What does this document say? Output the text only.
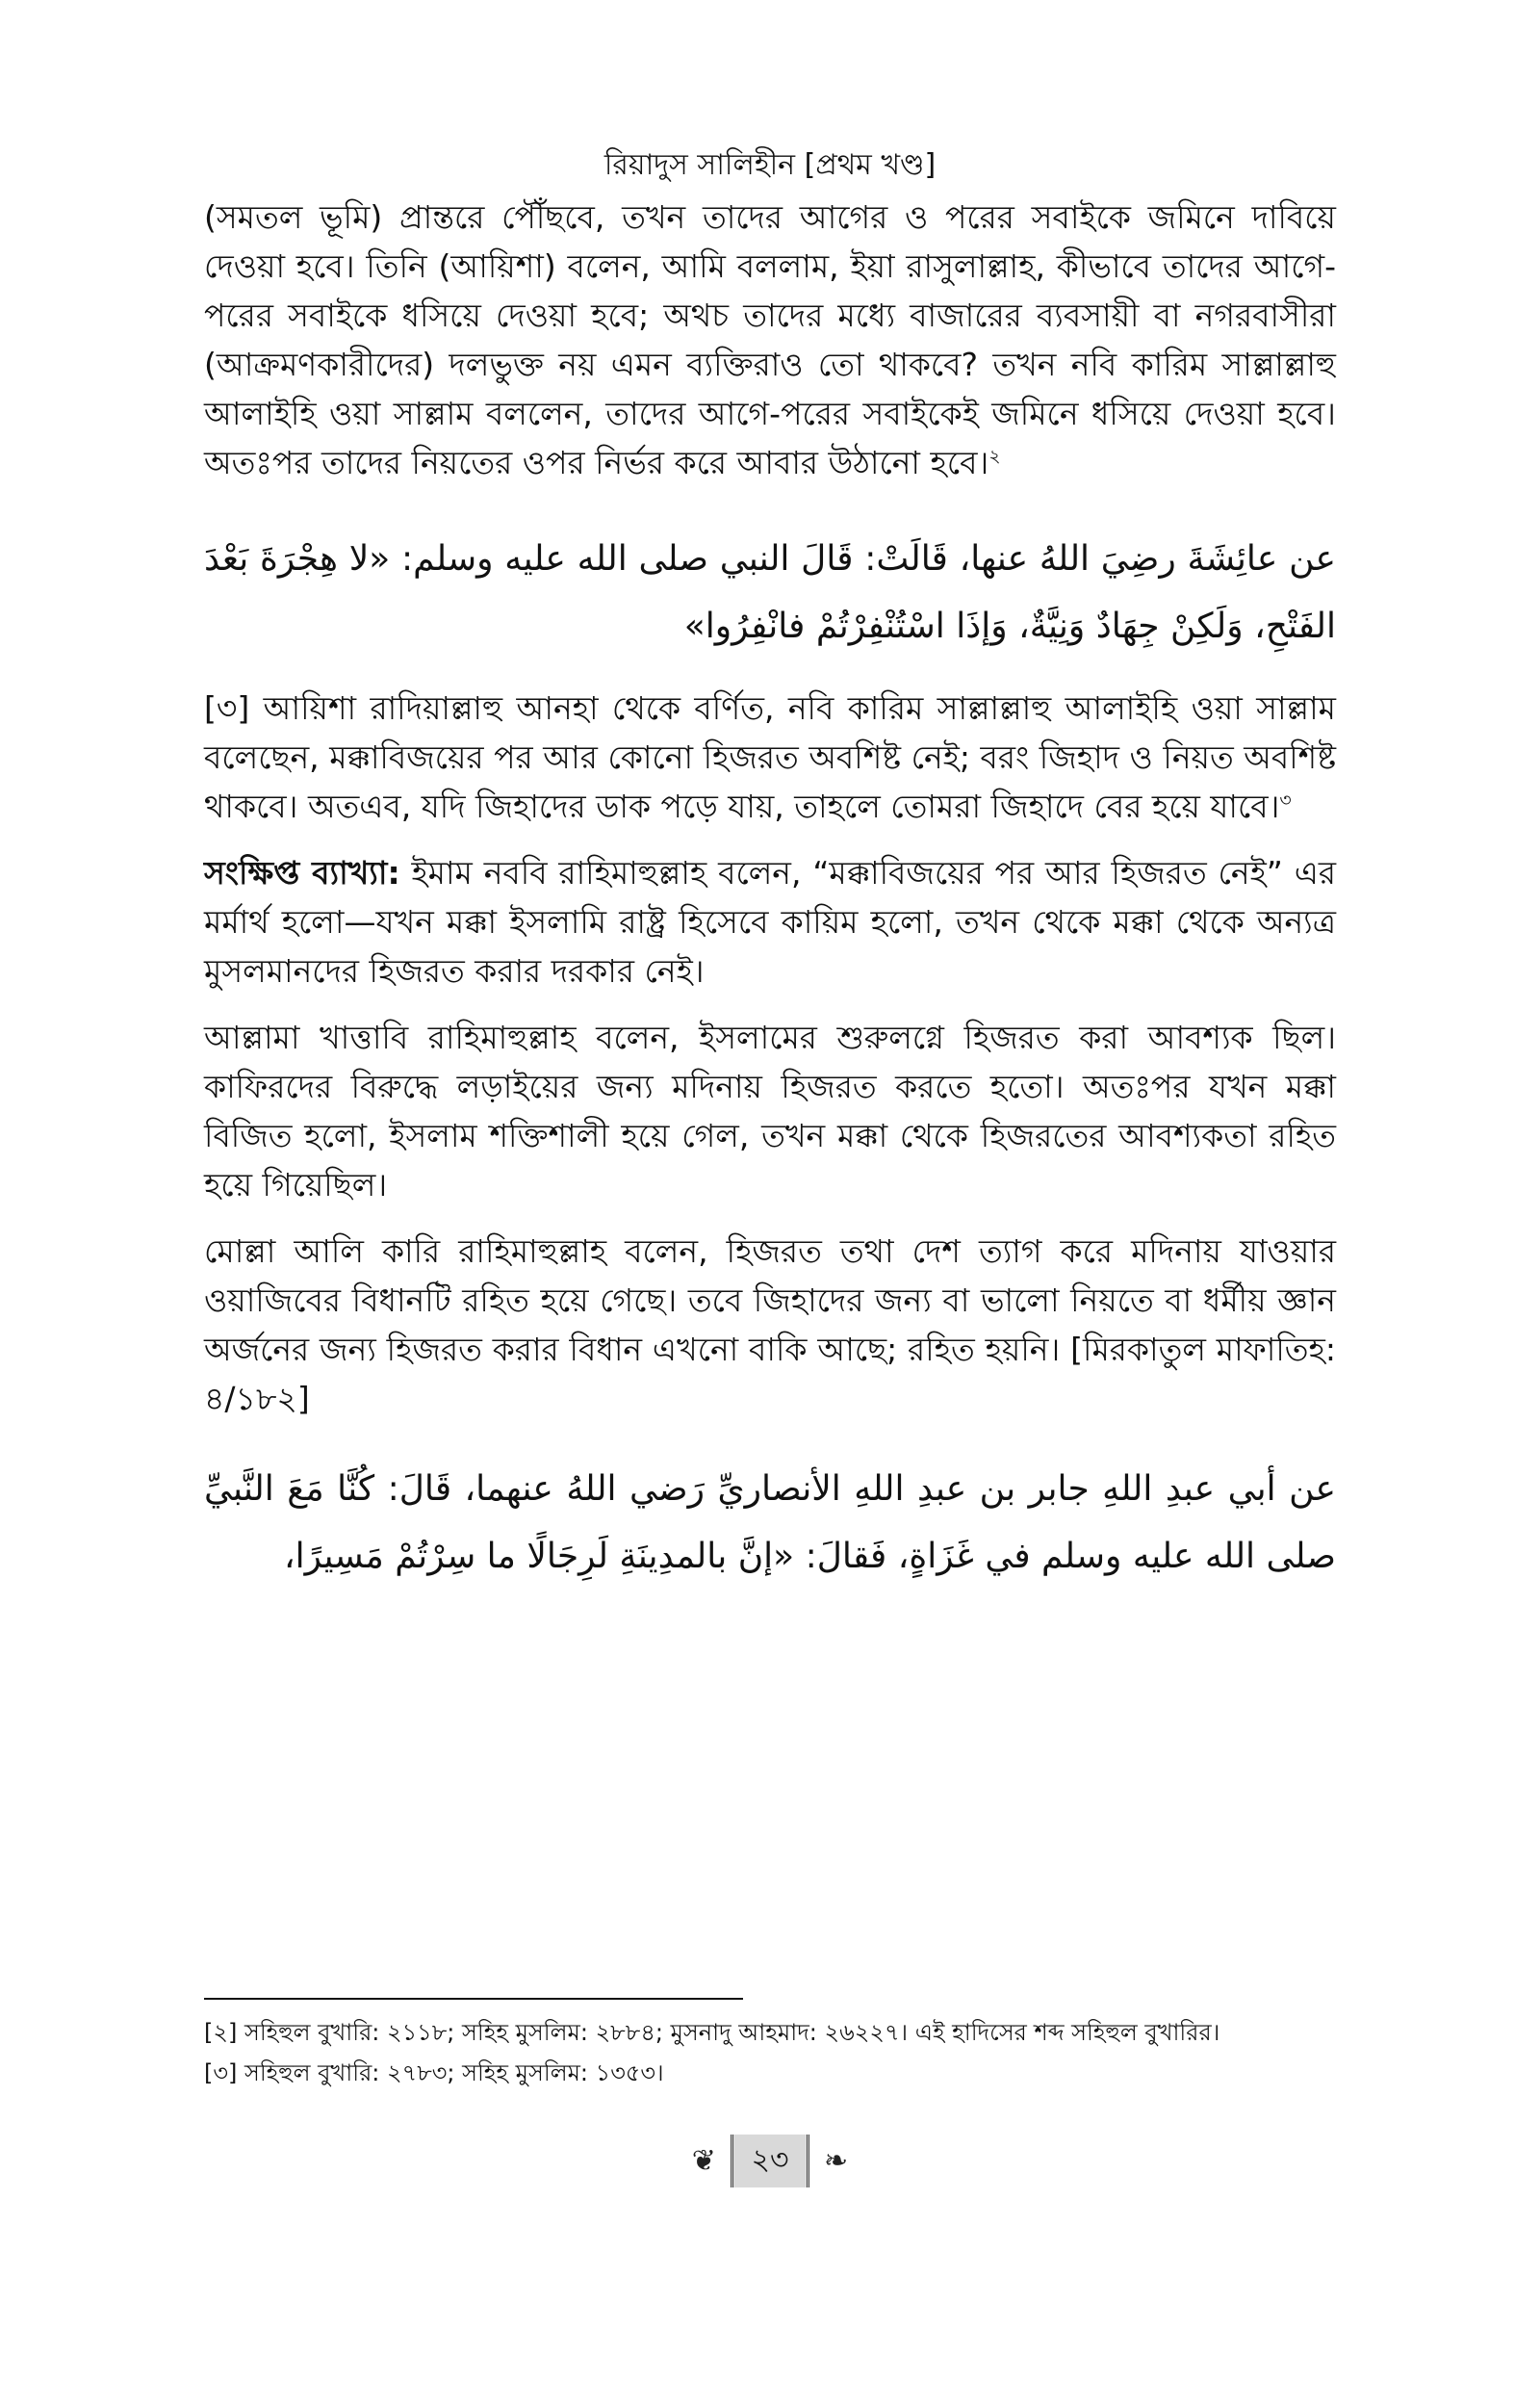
রিয়াদুস সালিহীন [প্রথম খণ্ড]

(সমতল ভূমি) প্রান্তরে পৌঁছবে, তখন তাদের আগের ও পরের সবাইকে জমিনে দাবিয়ে দেওয়া হবে। তিনি (আয়িশা) বলেন, আমি বললাম, ইয়া রাসুলাল্লাহ, কীভাবে তাদের আগে-পরের সবাইকে ধসিয়ে দেওয়া হবে; অথচ তাদের মধ্যে বাজারের ব্যবসায়ী বা নগরবাসীরা (আক্রমণকারীদের) দলভুক্ত নয় এমন ব্যক্তিরাও তো থাকবে? তখন নবি কারিম সাল্লাল্লাহু আলাইহি ওয়া সাল্লাম বললেন, তাদের আগে-পরের সবাইকেই জমিনে ধসিয়ে দেওয়া হবে। অতঃপর তাদের নিয়তের ওপর নির্ভর করে আবার উঠানো হবে।$^২$

عن عائِشَةَ رضِيَ اللهُ عنها، قَالَتْ: قَالَ النبي صلى الله عليه وسلم: «لا هِجْرَةَ بَعْدَ الفَتْحِ، وَلَكِنْ جِهَادٌ وَنِيَّةٌ، وَإذَا اسْتُنْفِرْتُمْ فانْفِرُوا»

[৩] আয়িশা রাদিয়াল্লাহু আনহা থেকে বর্ণিত, নবি কারিম সাল্লাল্লাহু আলাইহি ওয়া সাল্লাম বলেছেন, মক্কাবিজয়ের পর আর কোনো হিজরত অবশিষ্ট নেই; বরং জিহাদ ও নিয়ত অবশিষ্ট থাকবে। অতএব, যদি জিহাদের ডাক পড়ে যায়, তাহলে তোমরা জিহাদে বের হয়ে যাবে।$^৩$

সংক্ষিপ্ত ব্যাখ্যা: ইমাম নববি রাহিমাহুল্লাহ বলেন, “মক্কাবিজয়ের পর আর হিজরত নেই” এর মর্মার্থ হলো—যখন মক্কা ইসলামি রাষ্ট্র হিসেবে কায়িম হলো, তখন থেকে মক্কা থেকে অন্যত্র মুসলমানদের হিজরত করার দরকার নেই।

আল্লামা খাত্তাবি রাহিমাহুল্লাহ বলেন, ইসলামের শুরুলগ্নে হিজরত করা আবশ্যক ছিল। কাফিরদের বিরুদ্ধে লড়াইয়ের জন্য মদিনায় হিজরত করতে হতো। অতঃপর যখন মক্কা বিজিত হলো, ইসলাম শক্তিশালী হয়ে গেল, তখন মক্কা থেকে হিজরতের আবশ্যকতা রহিত হয়ে গিয়েছিল।

মোল্লা আলি কারি রাহিমাহুল্লাহ বলেন, হিজরত তথা দেশ ত্যাগ করে মদিনায় যাওয়ার ওয়াজিবের বিধানটি রহিত হয়ে গেছে। তবে জিহাদের জন্য বা ভালো নিয়তে বা ধর্মীয় জ্ঞান অর্জনের জন্য হিজরত করার বিধান এখনো বাকি আছে; রহিত হয়নি। [মিরকাতুল মাফাতিহ: ৪/১৮২]

عن أبي عبدِ اللهِ جابر بن عبدِ اللهِ الأنصاريِّ رَضي اللهُ عنهما، قَالَ: كُنَّا مَعَ النَّبيِّ صلى الله عليه وسلم في غَزَاةٍ، فَقالَ: «إنَّ بالمدِينَةِ لَرِجَالًا ما سِرْتُمْ مَسِيرًا،

[২] সহিহুল বুখারি: ২১১৮; সহিহ মুসলিম: ২৮৮৪; মুসনাদু আহমাদ: ২৬২২৭। এই হাদিসের শব্দ সহিহুল বুখারির।

[৩] সহিহুল বুখারি: ২৭৮৩; সহিহ মুসলিম: ১৩৫৩।

❦ ২৩ ❧
